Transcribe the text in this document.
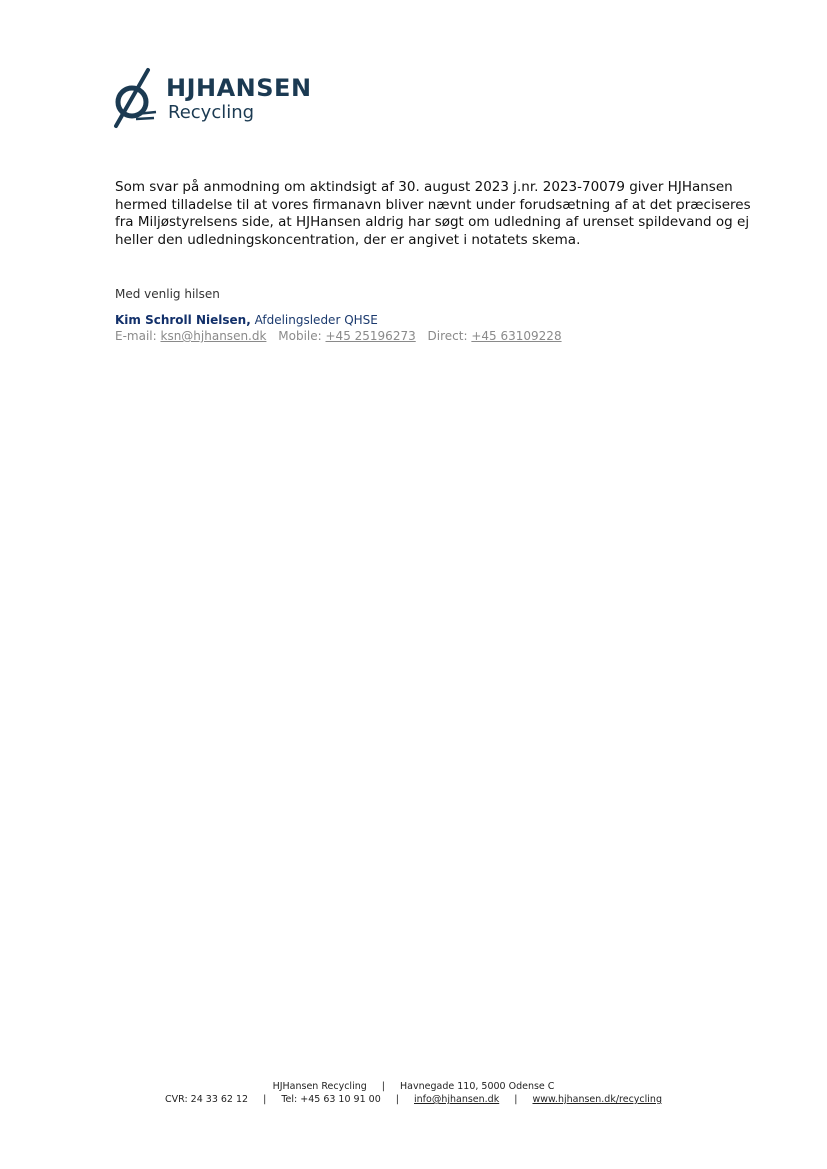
HJHANSEN
Recycling

Som svar på anmodning om aktindsigt af 30. august 2023 j.nr. 2023-70079 giver HJHansen hermed tilladelse til at vores firmanavn bliver nævnt under forudsætning af at det præciseres fra Miljøstyrelsens side, at HJHansen aldrig har søgt om udledning af urenset spildevand og ej heller den udledningskoncentration, der er angivet i notatets skema.

Med venlig hilsen

Kim Schroll Nielsen, Afdelingsleder QHSE

E-mail: ksn@hjhansen.dk Mobile: +45 25196273 Direct: +45 63109228

HJHansen Recycling | Havnegade 110, 5000 Odense C
CVR: 24 33 62 12 | Tel: +45 63 10 91 00 | info@hjhansen.dk | www.hjhansen.dk/recycling
